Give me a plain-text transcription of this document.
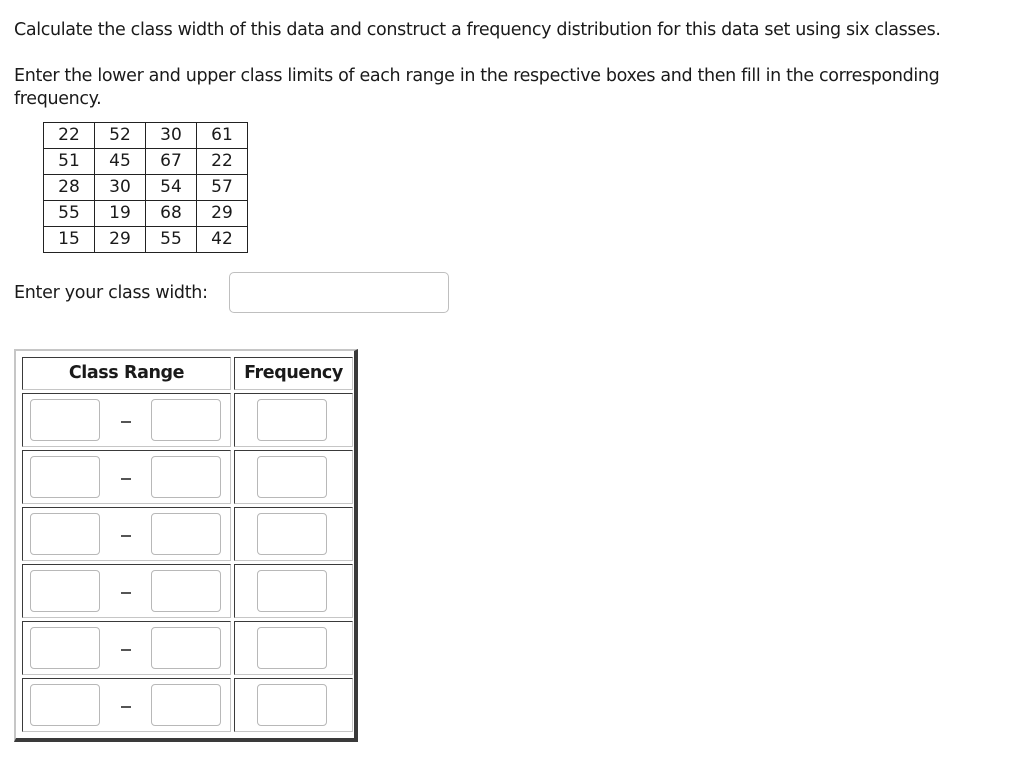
Calculate the class width of this data and construct a frequency distribution for this data set using six classes.

Enter the lower and upper class limits of each range in the respective boxes and then fill in the corresponding frequency.

22	52	30	61
51	45	67	22
28	30	54	57
55	19	68	29
15	29	55	42
Enter your class width:
Class Range	Frequency
